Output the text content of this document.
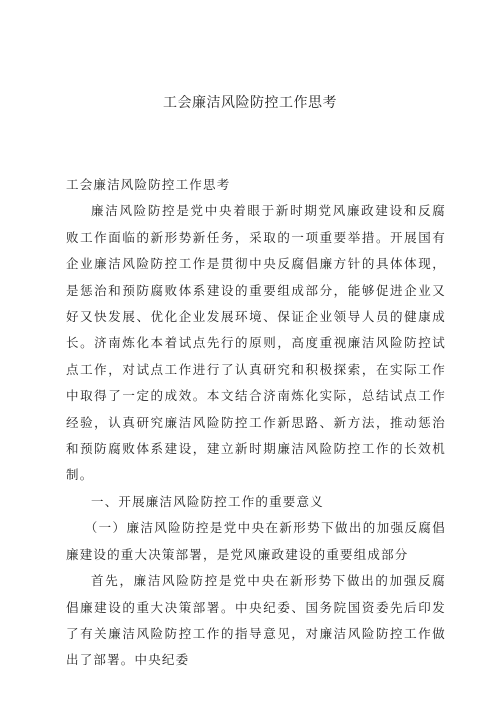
工会廉洁风险防控工作思考

工会廉洁风险防控工作思考

廉洁风险防控是党中央着眼于新时期党风廉政建设和反腐败工作面临的新形势新任务，采取的一项重要举措。开展国有企业廉洁风险防控工作是贯彻中央反腐倡廉方针的具体体现，是惩治和预防腐败体系建设的重要组成部分，能够促进企业又好又快发展、优化企业发展环境、保证企业领导人员的健康成长。济南炼化本着试点先行的原则，高度重视廉洁风险防控试点工作，对试点工作进行了认真研究和积极探索，在实际工作中取得了一定的成效。本文结合济南炼化实际，总结试点工作经验，认真研究廉洁风险防控工作新思路、新方法，推动惩治和预防腐败体系建设，建立新时期廉洁风险防控工作的长效机制。

一、开展廉洁风险防控工作的重要意义

（一）廉洁风险防控是党中央在新形势下做出的加强反腐倡廉建设的重大决策部署，是党风廉政建设的重要组成部分

首先，廉洁风险防控是党中央在新形势下做出的加强反腐倡廉建设的重大决策部署。中央纪委、国务院国资委先后印发了有关廉洁风险防控工作的指导意见，对廉洁风险防控工作做出了部署。中央纪委
